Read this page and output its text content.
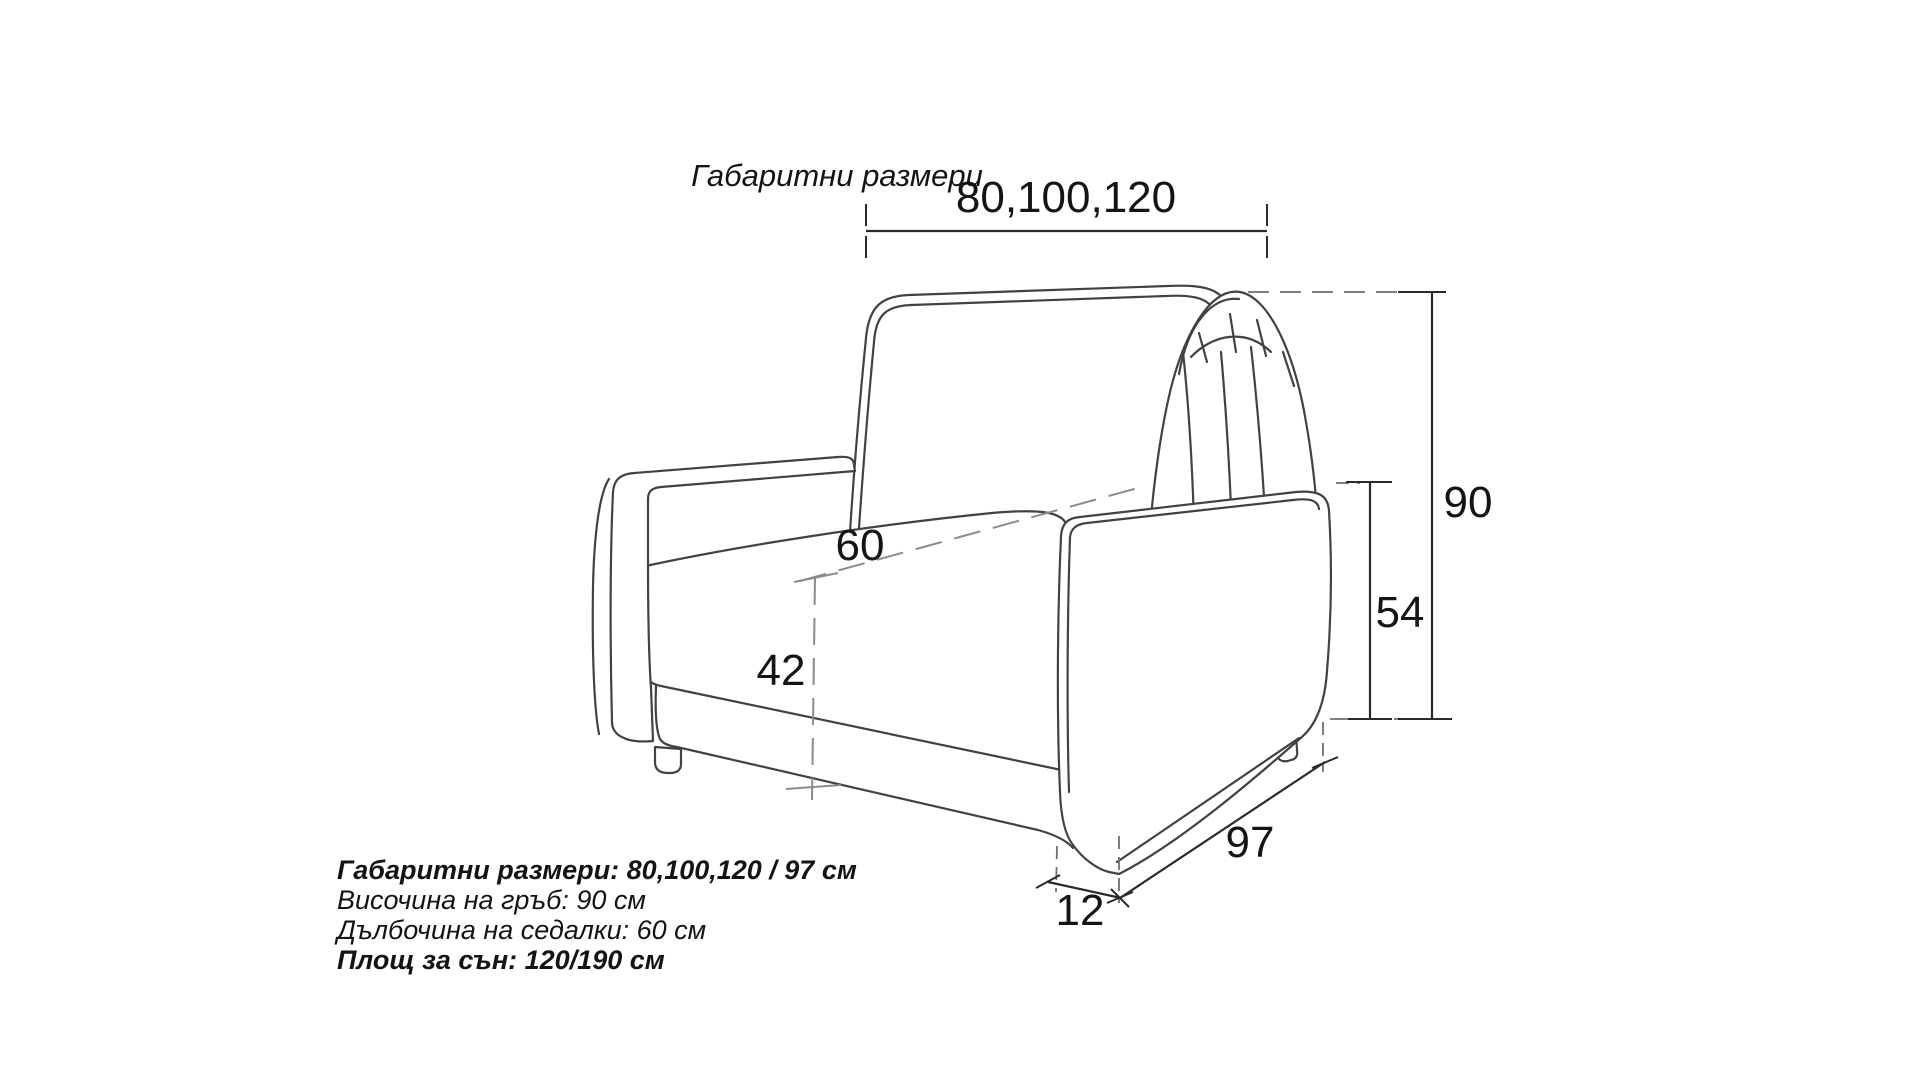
Габаритни размери
80,100,120
90
54
60
42
97
12
Габаритни размери: 80,100,120 / 97 см
Височина на гръб: 90 см
Дълбочина на седалки: 60 см
Площ за сън: 120/190 см
